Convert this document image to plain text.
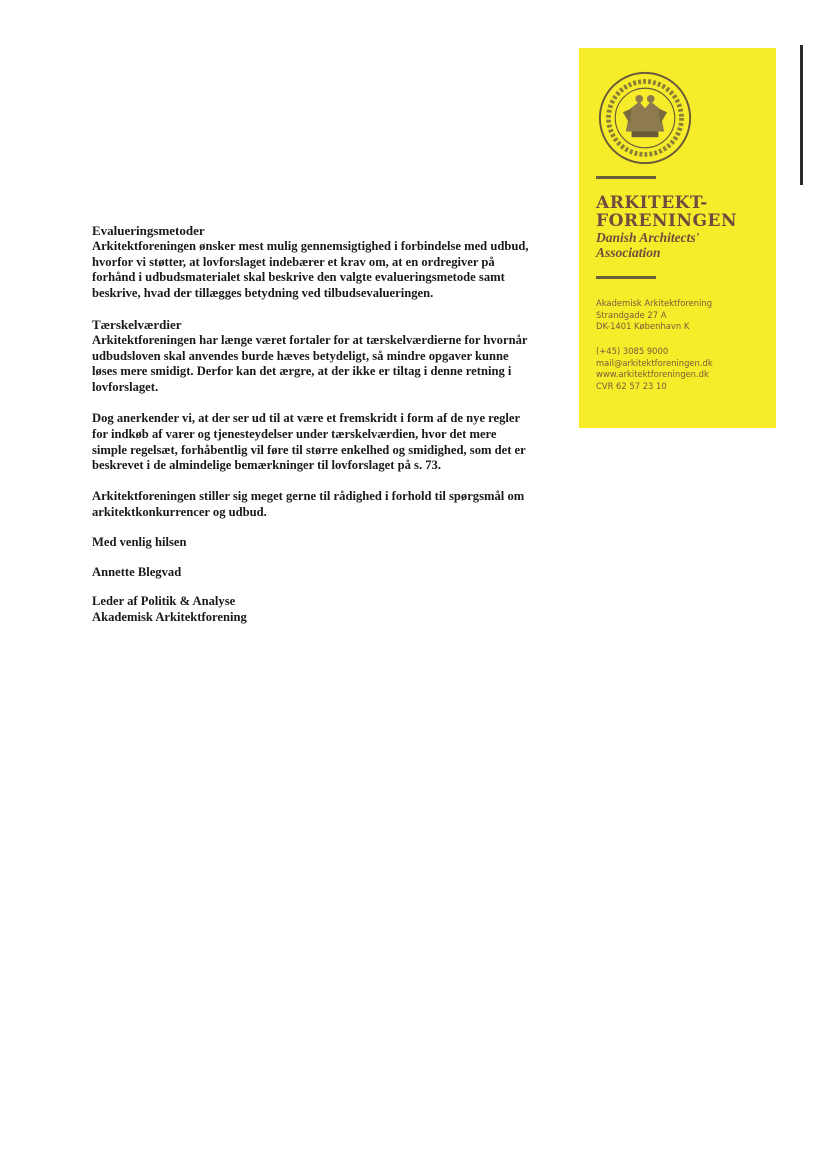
Evalueringsmetoder

Arkitektforeningen ønsker mest mulig gennemsigtighed i forbindelse med udbud, hvorfor vi støtter, at lovforslaget indebærer et krav om, at en ordregiver på forhånd i udbudsmaterialet skal beskrive den valgte evalueringsmetode samt beskrive, hvad der tillægges betydning ved tilbudsevalueringen.

Tærskelværdier

Arkitektforeningen har længe været fortaler for at tærskelværdierne for hvornår udbudsloven skal anvendes burde hæves betydeligt, så mindre opgaver kunne løses mere smidigt. Derfor kan det ærgre, at der ikke er tiltag i denne retning i lovforslaget.

Dog anerkender vi, at der ser ud til at være et fremskridt i form af de nye regler for indkøb af varer og tjenesteydelser under tærskelværdien, hvor det mere simple regelsæt, forhåbentlig vil føre til større enkelhed og smidighed, som det er beskrevet i de almindelige bemærkninger til lovforslaget på s. 73.

Arkitektforeningen stiller sig meget gerne til rådighed i forhold til spørgsmål om arkitektkonkurrencer og udbud.

Med venlig hilsen

Annette Blegvad

Leder af Politik & Analyse

Akademisk Arkitektforening

ARKITEKT-
FORENINGEN
Danish Architects'
Association
Akademisk Arkitektforening
Strandgade 27 A
DK-1401 København K
(+45) 3085 9000
mail@arkitektforeningen.dk
www.arkitektforeningen.dk
CVR 62 57 23 10
